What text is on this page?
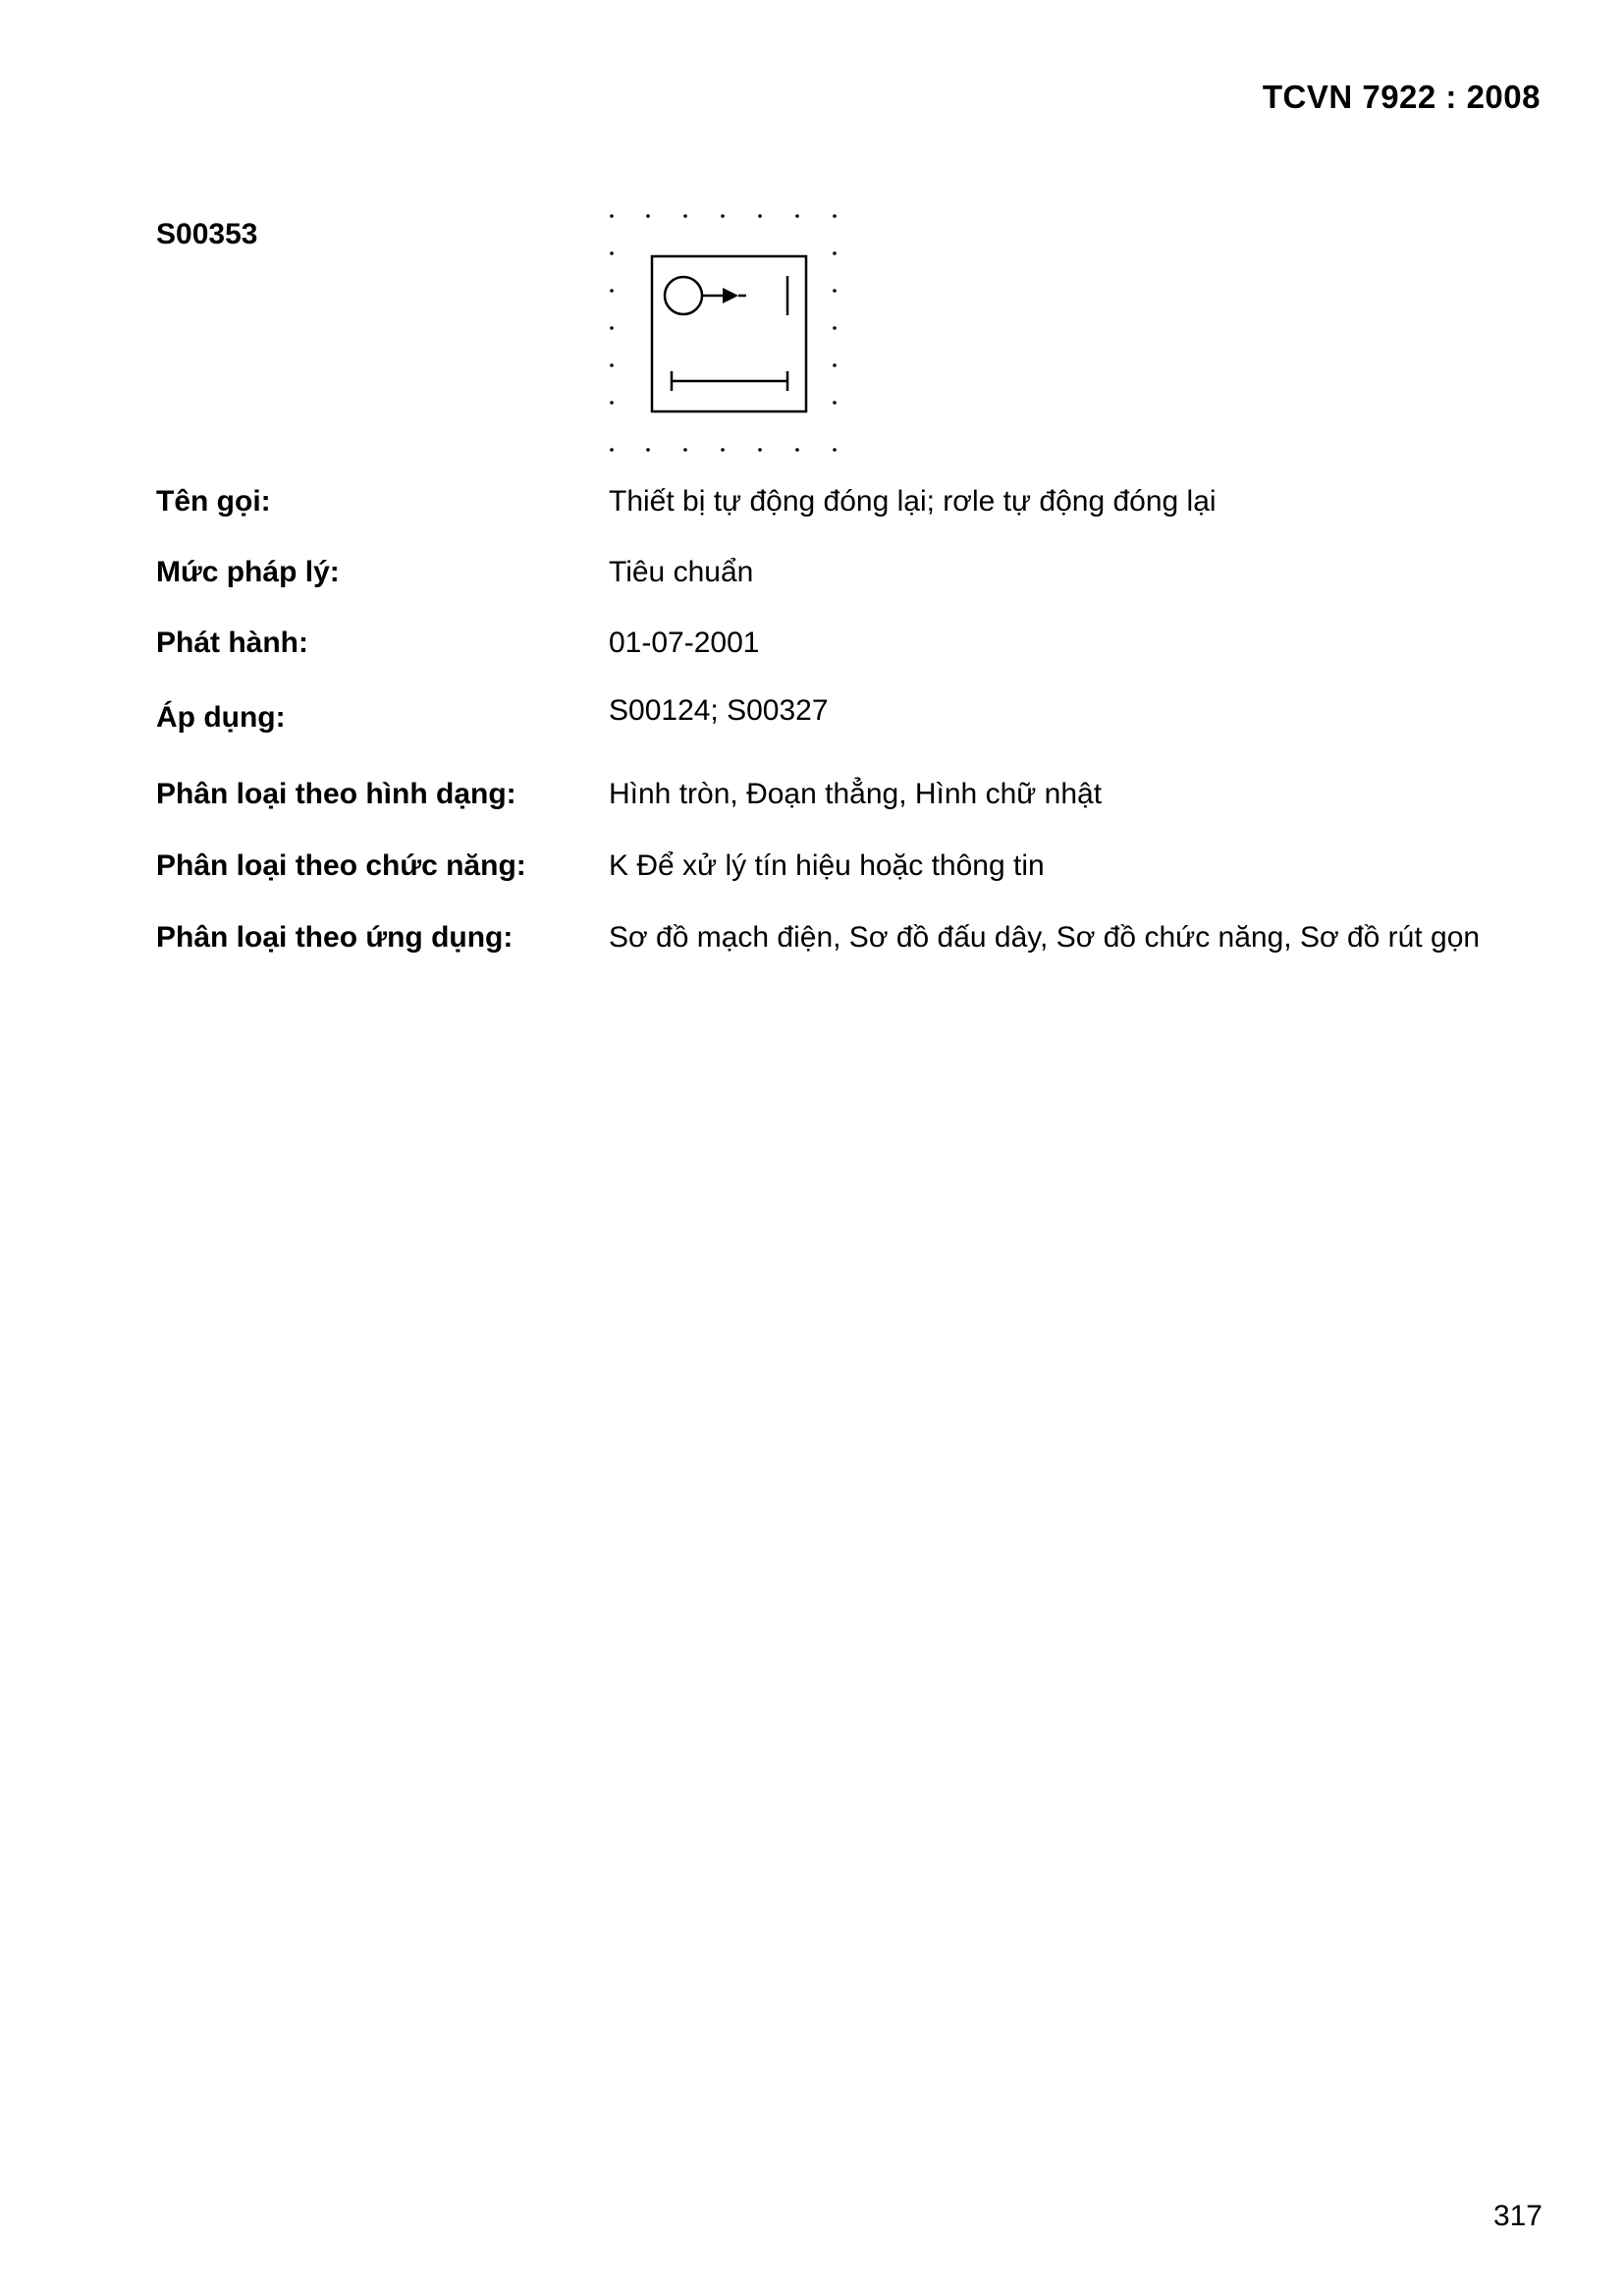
TCVN 7922 : 2008
S00353
Tên gọi:	Thiết bị tự động đóng lại; rơle tự động đóng lại
Mức pháp lý:	Tiêu chuẩn
Phát hành:	01-07-2001
Áp dụng:	S00124; S00327
Phân loại theo hình dạng:	Hình tròn, Đoạn thẳng, Hình chữ nhật
Phân loại theo chức năng:	K Để xử lý tín hiệu hoặc thông tin
Phân loại theo ứng dụng:	Sơ đồ mạch điện, Sơ đồ đấu dây, Sơ đồ chức năng, Sơ đồ rút gọn
317
